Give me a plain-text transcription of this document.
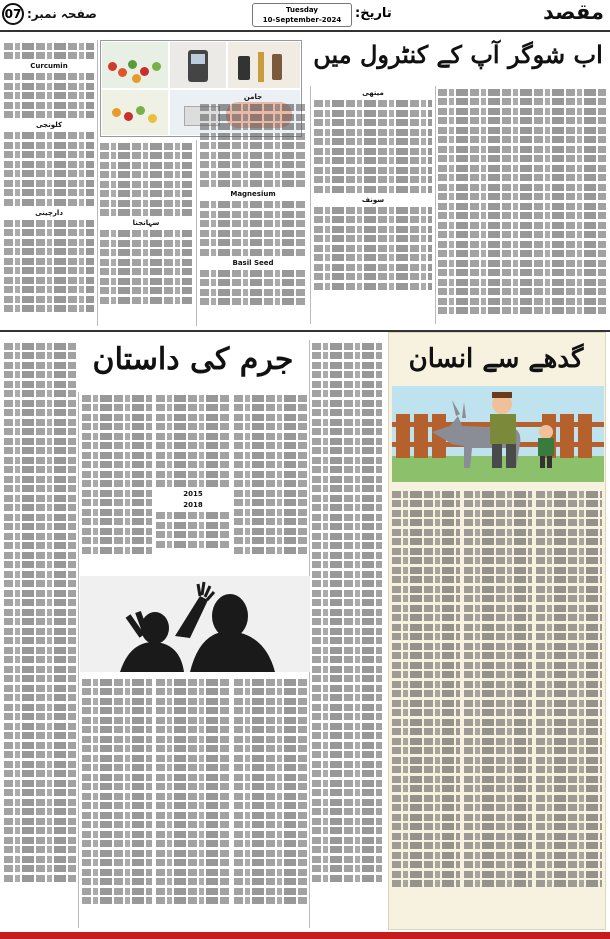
07 صفحہ نمبر:	Tuesday
10-September-2024	تاریخ:	مقصد
اب شوگر آپ کے کنٹرول میں
میتھی
سونف
جامن
Magnesium
Basil Seed
سہانجنا
Curcumin
کلونجی
دارچینی
جرم کی داستان
2015
2018
گدھے سے انسان
